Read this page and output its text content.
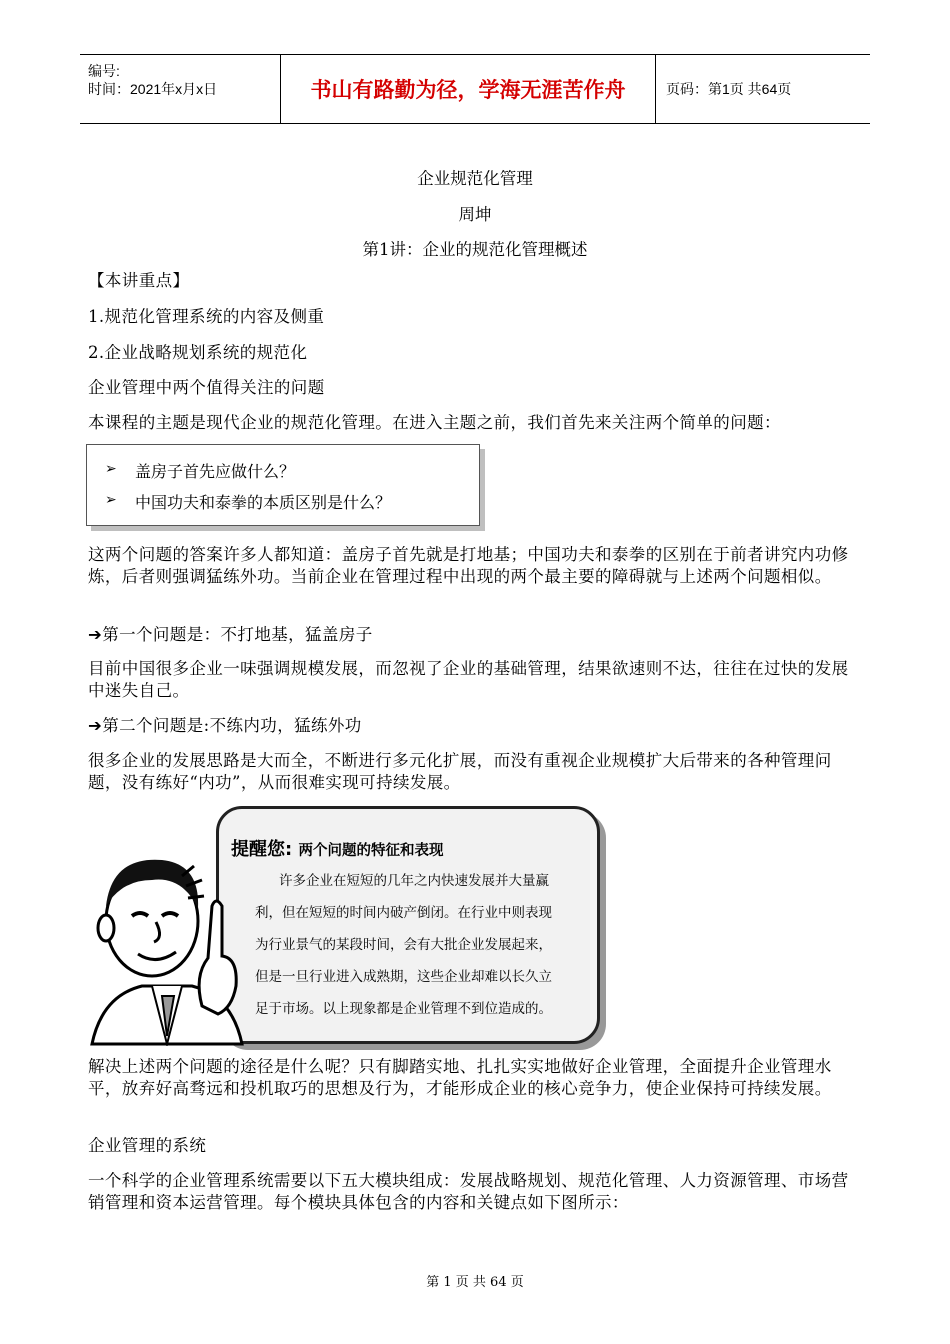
编号:
时间：2021年x月x日	书山有路勤为径，学海无涯苦作舟	页码：第1页 共64页
企业规范化管理
周坤
第1讲：企业的规范化管理概述
【本讲重点】
1.规范化管理系统的内容及侧重
2.企业战略规划系统的规范化
企业管理中两个值得关注的问题
本课程的主题是现代企业的规范化管理。在进入主题之前，我们首先来关注两个简单的问题：
➢ 盖房子首先应做什么？
➢ 中国功夫和泰拳的本质区别是什么？
这两个问题的答案许多人都知道：盖房子首先就是打地基；中国功夫和泰拳的区别在于前者讲究内功修炼，后者则强调猛练外功。当前企业在管理过程中出现的两个最主要的障碍就与上述两个问题相似。
➔第一个问题是：不打地基，猛盖房子
目前中国很多企业一味强调规模发展，而忽视了企业的基础管理，结果欲速则不达，往往在过快的发展中迷失自己。
➔第二个问题是:不练内功，猛练外功
很多企业的发展思路是大而全，不断进行多元化扩展，而没有重视企业规模扩大后带来的各种管理问题，没有练好“内功”，从而很难实现可持续发展。
提醒您: 两个问题的特征和表现
许多企业在短短的几年之内快速发展并大量赢
利，但在短短的时间内破产倒闭。在行业中则表现
为行业景气的某段时间，会有大批企业发展起来，
但是一旦行业进入成熟期，这些企业却难以长久立
足于市场。以上现象都是企业管理不到位造成的。
解决上述两个问题的途径是什么呢？只有脚踏实地、扎扎实实地做好企业管理，全面提升企业管理水平，放弃好高骛远和投机取巧的思想及行为，才能形成企业的核心竞争力，使企业保持可持续发展。
企业管理的系统
一个科学的企业管理系统需要以下五大模块组成：发展战略规划、规范化管理、人力资源管理、市场营销管理和资本运营管理。每个模块具体包含的内容和关键点如下图所示：
第 1 页 共 64 页
